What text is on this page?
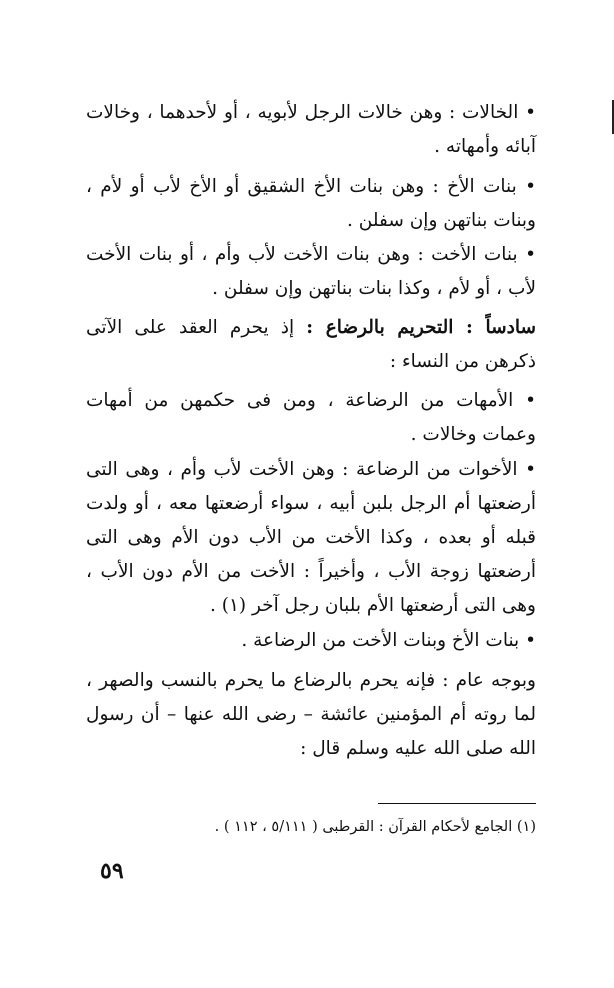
• الخالات : وهن خالات الرجل لأبويه ، أو لأحدهما ، وخالات آبائه وأمهاته .
• بنات الأخ : وهن بنات الأخ الشقيق أو الأخ لأب أو لأم ، وبنات بناتهن وإن سفلن .
• بنات الأخت : وهن بنات الأخت لأب وأم ، أو بنات الأخت لأب ، أو لأم ، وكذا بنات بناتهن وإن سفلن .
سادساً : التحريم بالرضاع : إذ يحرم العقد على الآتى ذكرهن من النساء :
• الأمهات من الرضاعة ، ومن فى حكمهن من أمهات وعمات وخالات .
• الأخوات من الرضاعة : وهن الأخت لأب وأم ، وهى التى أرضعتها أم الرجل بلبن أبيه ، سواء أرضعتها معه ، أو ولدت قبله أو بعده ، وكذا الأخت من الأب دون الأم وهى التى أرضعتها زوجة الأب ، وأخيراً : الأخت من الأم دون الأب ، وهى التى أرضعتها الأم بلبان رجل آخر (١) .
• بنات الأخ وبنات الأخت من الرضاعة .
وبوجه عام : فإنه يحرم بالرضاع ما يحرم بالنسب والصهر ، لما روته أم المؤمنين عائشة – رضى الله عنها – أن رسول الله صلى الله عليه وسلم قال :
(١) الجامع لأحكام القرآن : القرطبى ( ٥/١١١ ، ١١٢ ) .
٥٩
